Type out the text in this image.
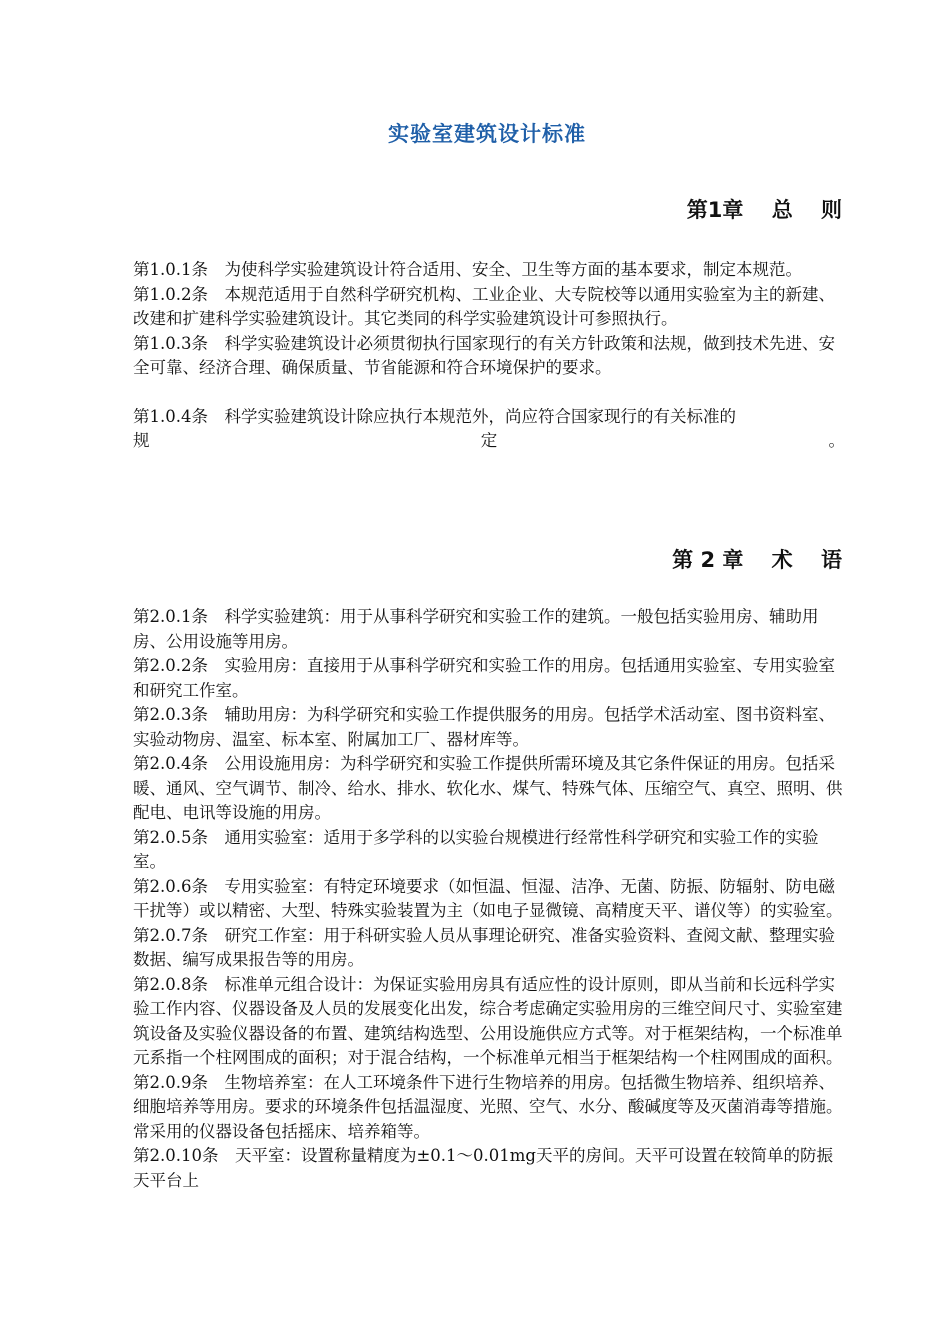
实验室建筑设计标准
第1章　 总　 则

第1.0.1条　 为使科学实验建筑设计符合适用、安全、卫生等方面的基本要求，制定本规范。

第1.0.2条　 本规范适用于自然科学研究机构、工业企业、大专院校等以通用实验室为主的新建、改建和扩建科学实验建筑设计。其它类同的科学实验建筑设计可参照执行。

第1.0.3条　 科学实验建筑设计必须贯彻执行国家现行的有关方针政策和法规，做到技术先进、安全可靠、经济合理、确保质量、节省能源和符合环境保护的要求。

第1.0.4条　 科学实验建筑设计除应执行本规范外，尚应符合国家现行的有关标准的

规	定	。
第 2 章　 术　 语

第2.0.1条　 科学实验建筑：用于从事科学研究和实验工作的建筑。一般包括实验用房、辅助用房、公用设施等用房。

第2.0.2条　 实验用房：直接用于从事科学研究和实验工作的用房。包括通用实验室、专用实验室和研究工作室。

第2.0.3条　 辅助用房：为科学研究和实验工作提供服务的用房。包括学术活动室、图书资料室、实验动物房、温室、标本室、附属加工厂、器材库等。

第2.0.4条　 公用设施用房：为科学研究和实验工作提供所需环境及其它条件保证的用房。包括采暖、通风、空气调节、制冷、给水、排水、软化水、煤气、特殊气体、压缩空气、真空、照明、供配电、电讯等设施的用房。

第2.0.5条　 通用实验室：适用于多学科的以实验台规模进行经常性科学研究和实验工作的实验室。

第2.0.6条　 专用实验室：有特定环境要求（如恒温、恒湿、洁净、无菌、防振、防辐射、防电磁干扰等）或以精密、大型、特殊实验装置为主（如电子显微镜、高精度天平、谱仪等）的实验室。

第2.0.7条　 研究工作室：用于科研实验人员从事理论研究、准备实验资料、查阅文献、整理实验数据、编写成果报告等的用房。

第2.0.8条　 标准单元组合设计：为保证实验用房具有适应性的设计原则，即从当前和长远科学实验工作内容、仪器设备及人员的发展变化出发，综合考虑确定实验用房的三维空间尺寸、实验室建筑设备及实验仪器设备的布置、建筑结构选型、公用设施供应方式等。对于框架结构，一个标准单元系指一个柱网围成的面积；对于混合结构，一个标准单元相当于框架结构一个柱网围成的面积。

第2.0.9条　 生物培养室：在人工环境条件下进行生物培养的用房。包括微生物培养、组织培养、细胞培养等用房。要求的环境条件包括温湿度、光照、空气、水分、酸碱度等及灭菌消毒等措施。常采用的仪器设备包括摇床、培养箱等。

第2.0.10条　 天平室：设置称量精度为±0.1～0.01mg天平的房间。天平可设置在较简单的防振天平台上
